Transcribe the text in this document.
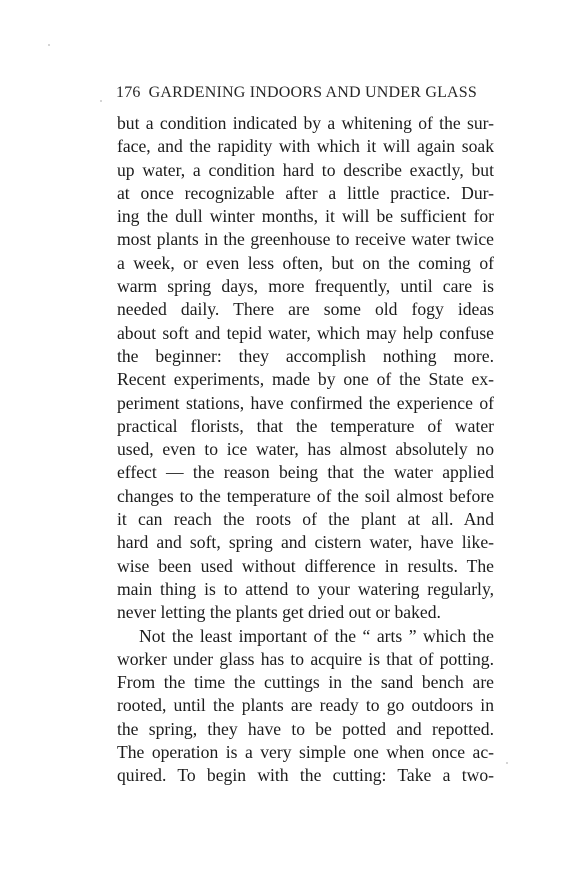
176 GARDENING INDOORS AND UNDER GLASS
but a condition indicated by a whitening of the sur-
face, and the rapidity with which it will again soak
up water, a condition hard to describe exactly, but
at once recognizable after a little practice. Dur-
ing the dull winter months, it will be sufficient for
most plants in the greenhouse to receive water twice
a week, or even less often, but on the coming of
warm spring days, more frequently, until care is
needed daily. There are some old fogy ideas
about soft and tepid water, which may help confuse
the beginner: they accomplish nothing more.
Recent experiments, made by one of the State ex-
periment stations, have confirmed the experience of
practical florists, that the temperature of water
used, even to ice water, has almost absolutely no
effect — the reason being that the water applied
changes to the temperature of the soil almost before
it can reach the roots of the plant at all. And
hard and soft, spring and cistern water, have like-
wise been used without difference in results. The
main thing is to attend to your watering regularly,
never letting the plants get dried out or baked.
Not the least important of the “ arts ” which the
worker under glass has to acquire is that of potting.
From the time the cuttings in the sand bench are
rooted, until the plants are ready to go outdoors in
the spring, they have to be potted and repotted.
The operation is a very simple one when once ac-
quired. To begin with the cutting: Take a two-
